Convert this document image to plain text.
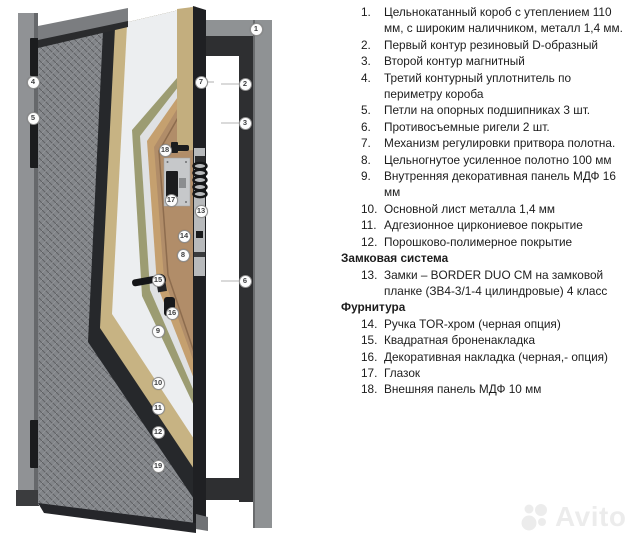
1
2
3
4
5
6
7
8
9
10
11
12
13
14
15
16
17
18
19
1.	Цельнокатанный короб с утеплением 110 мм, с широким наличником, металл 1,4 мм.
2.	Первый контур резиновый D-образный
3.	Второй контур магнитный
4.	Третий контурный уплотнитель по периметру короба
5.	Петли на опорных подшипниках 3 шт.
6.	Противосъемные ригели 2 шт.
7.	Механизм регулировки притвора полотна.
8.	Цельногнутое усиленное полотно 100 мм
9.	Внутренняя декоративная панель МДФ 16 мм
10. Основной лист металла 1,4 мм
11. Адгезионное циркониевое покрытие
12. Порошково-полимерное покрытие
Замковая система
13. Замки – BORDER DUO CM на замковой планке (ЗВ4-3/1-4 цилиндровые) 4 класс
Фурнитура
14. Ручка TOR-хром (черная опция)
15. Квадратная броненакладка
16. Декоративная накладка (черная,- опция)
17. Глазок
18. Внешняя панель МДФ 10 мм
Avito
